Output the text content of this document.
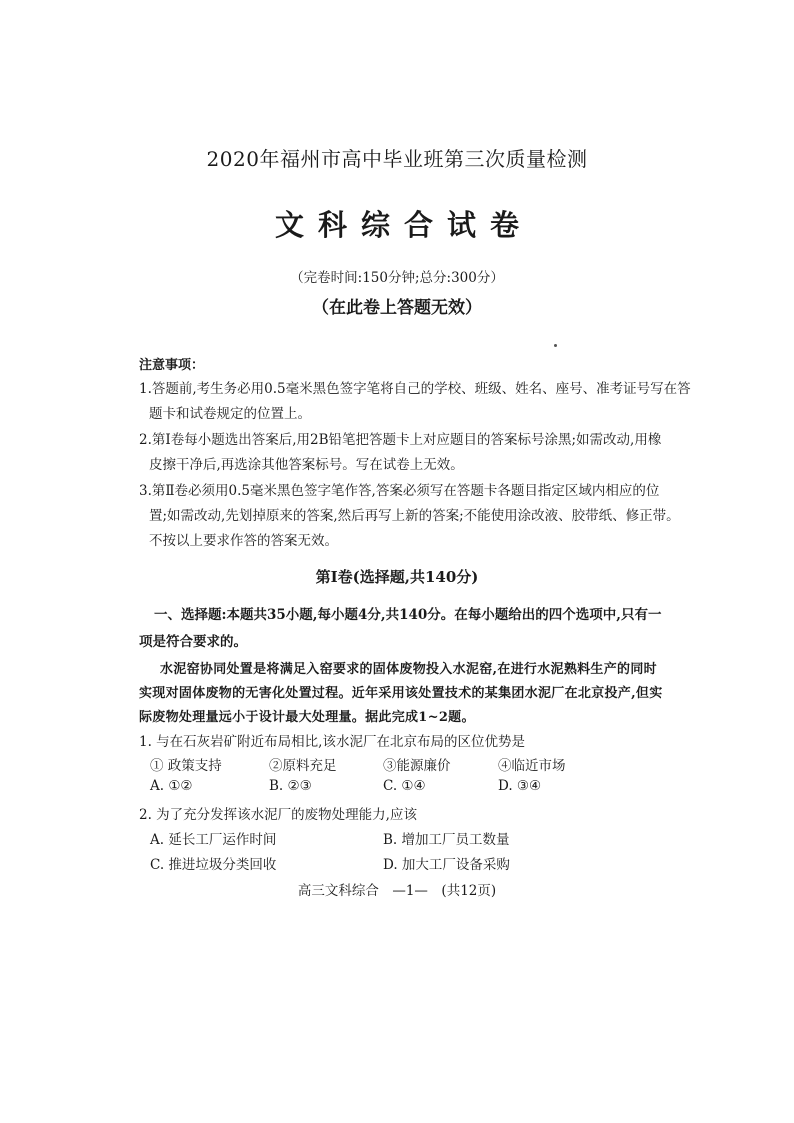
2020年福州市高中毕业班第三次质量检测
文科综合试卷
（完卷时间:150分钟;总分:300分）
（在此卷上答题无效）
注意事项：
1.答题前,考生务必用0.5毫米黑色签字笔将自己的学校、班级、姓名、座号、准考证号写在答
题卡和试卷规定的位置上。
2.第Ⅰ卷每小题选出答案后,用2B铅笔把答题卡上对应题目的答案标号涂黑;如需改动,用橡
皮擦干净后,再选涂其他答案标号。写在试卷上无效。
3.第Ⅱ卷必须用0.5毫米黑色签字笔作答,答案必须写在答题卡各题目指定区域内相应的位
置;如需改动,先划掉原来的答案,然后再写上新的答案;不能使用涂改液、胶带纸、修正带。
不按以上要求作答的答案无效。
第Ⅰ卷(选择题,共140分)
一、选择题:本题共35小题,每小题4分,共140分。在每小题给出的四个选项中,只有一
项是符合要求的。
水泥窑协同处置是将满足入窑要求的固体废物投入水泥窑,在进行水泥熟料生产的同时
实现对固体废物的无害化处置过程。近年采用该处置技术的某集团水泥厂在北京投产,但实
际废物处理量远小于设计最大处理量。据此完成1~2题。
1. 与在石灰岩矿附近布局相比,该水泥厂在北京布局的区位优势是
① 政策支持	②原料充足	③能源廉价	④临近市场
A. ①②	B. ②③	C. ①④	D. ③④
2. 为了充分发挥该水泥厂的废物处理能力,应该
A. 延长工厂运作时间	B. 增加工厂员工数量
C. 推进垃圾分类回收	D. 加大工厂设备采购
高三文科综合　—1—　(共12页)
